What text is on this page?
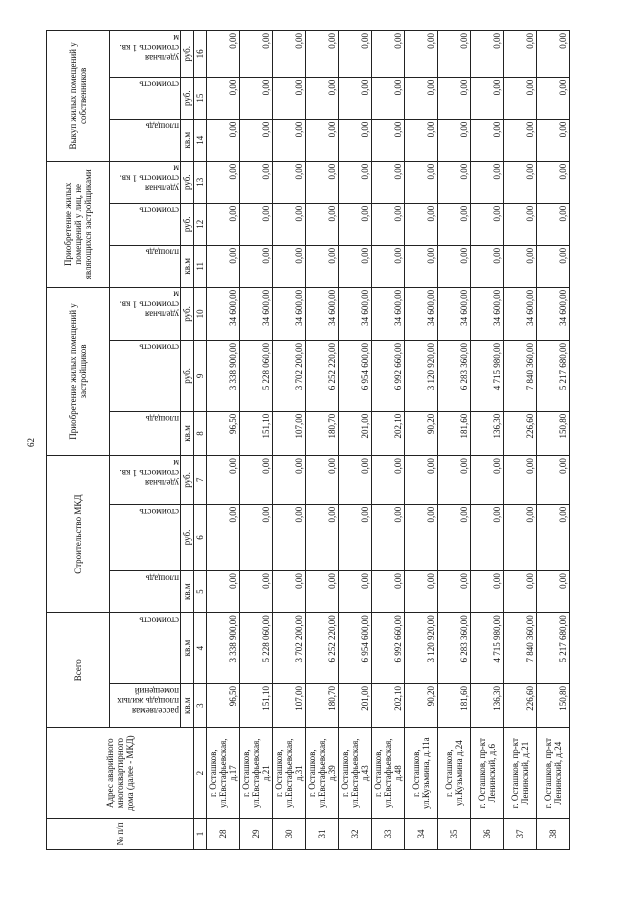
62
№ п/п	Адрес аварийного многоквартирного дома (далее - МКД)	Всего		Строительство МКД			Приобретение жилых помещений у застройщиков			Приобретение жилых помещений у лиц, не являющихся застройщиками			Выкуп жилых помещений у собственников		
		расселяемая площадь жилых помещений	стоимость	площадь	стоимость	удельная стоимость 1 кв. м	площадь	стоимость	удельная стоимость 1 кв. м	площадь	стоимость	удельная стоимость 1 кв. м	площадь	стоимость	удельная стоимость 1 кв. м
		кв.м	кв.м	кв.м	руб.	руб.	кв.м	руб.	руб.	кв.м	руб.	руб.	кв.м	руб.	руб.
1	2	3	4	5	6	7	8	9	10	11	12	13	14	15	16
28	г. Осташков, ул.Евстафьевская, д.17	96,50	3 338 900,00	0,00	0,00	0,00	96,50	3 338 900,00	34 600,00	0,00	0,00	0,00	0,00	0,00	0,00
29	г. Осташков, ул.Евстафьевская, д.21	151,10	5 228 060,00	0,00	0,00	0,00	151,10	5 228 060,00	34 600,00	0,00	0,00	0,00	0,00	0,00	0,00
30	г. Осташков, ул.Евстафьевская, д.31	107,00	3 702 200,00	0,00	0,00	0,00	107,00	3 702 200,00	34 600,00	0,00	0,00	0,00	0,00	0,00	0,00
31	г. Осташков, ул.Евстафьевская, д.39	180,70	6 252 220,00	0,00	0,00	0,00	180,70	6 252 220,00	34 600,00	0,00	0,00	0,00	0,00	0,00	0,00
32	г. Осташков, ул.Евстафьевская, д.43	201,00	6 954 600,00	0,00	0,00	0,00	201,00	6 954 600,00	34 600,00	0,00	0,00	0,00	0,00	0,00	0,00
33	г. Осташков, ул.Евстафьевская, д.48	202,10	6 992 660,00	0,00	0,00	0,00	202,10	6 992 660,00	34 600,00	0,00	0,00	0,00	0,00	0,00	0,00
34	г. Осташков, ул.Кузьмина, д.11а	90,20	3 120 920,00	0,00	0,00	0,00	90,20	3 120 920,00	34 600,00	0,00	0,00	0,00	0,00	0,00	0,00
35	г. Осташков, ул.Кузьмина д.24	181,60	6 283 360,00	0,00	0,00	0,00	181,60	6 283 360,00	34 600,00	0,00	0,00	0,00	0,00	0,00	0,00
36	г. Осташков, пр-кт Ленинский, д.6	136,30	4 715 980,00	0,00	0,00	0,00	136,30	4 715 980,00	34 600,00	0,00	0,00	0,00	0,00	0,00	0,00
37	г. Осташков, пр-кт Ленинский, д.21	226,60	7 840 360,00	0,00	0,00	0,00	226,60	7 840 360,00	34 600,00	0,00	0,00	0,00	0,00	0,00	0,00
38	г. Осташков, пр-кт Ленинский, д.24	150,80	5 217 680,00	0,00	0,00	0,00	150,80	5 217 680,00	34 600,00	0,00	0,00	0,00	0,00	0,00	0,00
